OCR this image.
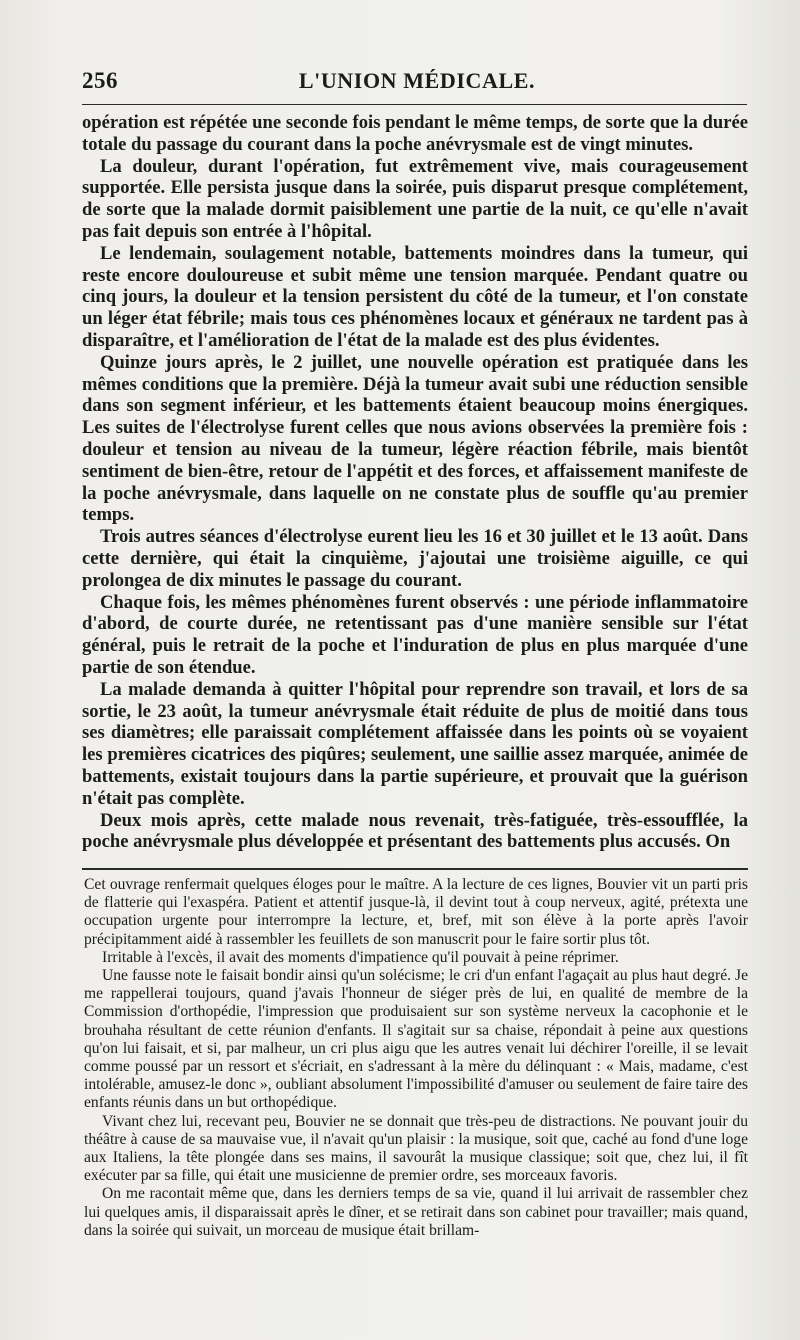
256	L'UNION MÉDICALE.

opération est répétée une seconde fois pendant le même temps, de sorte que la durée totale du passage du courant dans la poche anévrysmale est de vingt minutes.

La douleur, durant l'opération, fut extrêmement vive, mais courageusement supportée. Elle persista jusque dans la soirée, puis disparut presque complétement, de sorte que la malade dormit paisiblement une partie de la nuit, ce qu'elle n'avait pas fait depuis son entrée à l'hôpital.

Le lendemain, soulagement notable, battements moindres dans la tumeur, qui reste encore douloureuse et subit même une tension marquée. Pendant quatre ou cinq jours, la douleur et la tension persistent du côté de la tumeur, et l'on constate un léger état fébrile; mais tous ces phénomènes locaux et généraux ne tardent pas à disparaître, et l'amélioration de l'état de la malade est des plus évidentes.

Quinze jours après, le 2 juillet, une nouvelle opération est pratiquée dans les mêmes conditions que la première. Déjà la tumeur avait subi une réduction sensible dans son segment inférieur, et les battements étaient beaucoup moins énergiques. Les suites de l'électrolyse furent celles que nous avions observées la première fois : douleur et tension au niveau de la tumeur, légère réaction fébrile, mais bientôt sentiment de bien-être, retour de l'appétit et des forces, et affaissement manifeste de la poche anévrysmale, dans laquelle on ne constate plus de souffle qu'au premier temps.

Trois autres séances d'électrolyse eurent lieu les 16 et 30 juillet et le 13 août. Dans cette dernière, qui était la cinquième, j'ajoutai une troisième aiguille, ce qui prolongea de dix minutes le passage du courant.

Chaque fois, les mêmes phénomènes furent observés : une période inflammatoire d'abord, de courte durée, ne retentissant pas d'une manière sensible sur l'état général, puis le retrait de la poche et l'induration de plus en plus marquée d'une partie de son étendue.

La malade demanda à quitter l'hôpital pour reprendre son travail, et lors de sa sortie, le 23 août, la tumeur anévrysmale était réduite de plus de moitié dans tous ses diamètres; elle paraissait complétement affaissée dans les points où se voyaient les premières cicatrices des piqûres; seulement, une saillie assez marquée, animée de battements, existait toujours dans la partie supérieure, et prouvait que la guérison n'était pas complète.

Deux mois après, cette malade nous revenait, très-fatiguée, très-essoufflée, la poche anévrysmale plus développée et présentant des battements plus accusés. On

Cet ouvrage renfermait quelques éloges pour le maître. A la lecture de ces lignes, Bouvier vit un parti pris de flatterie qui l'exaspéra. Patient et attentif jusque-là, il devint tout à coup nerveux, agité, prétexta une occupation urgente pour interrompre la lecture, et, bref, mit son élève à la porte après l'avoir précipitamment aidé à rassembler les feuillets de son manuscrit pour le faire sortir plus tôt.

Irritable à l'excès, il avait des moments d'impatience qu'il pouvait à peine réprimer.

Une fausse note le faisait bondir ainsi qu'un solécisme; le cri d'un enfant l'agaçait au plus haut degré. Je me rappellerai toujours, quand j'avais l'honneur de siéger près de lui, en qualité de membre de la Commission d'orthopédie, l'impression que produisaient sur son système nerveux la cacophonie et le brouhaha résultant de cette réunion d'enfants. Il s'agitait sur sa chaise, répondait à peine aux questions qu'on lui faisait, et si, par malheur, un cri plus aigu que les autres venait lui déchirer l'oreille, il se levait comme poussé par un ressort et s'écriait, en s'adressant à la mère du délinquant : « Mais, madame, c'est intolérable, amusez-le donc », oubliant absolument l'impossibilité d'amuser ou seulement de faire taire des enfants réunis dans un but orthopédique.

Vivant chez lui, recevant peu, Bouvier ne se donnait que très-peu de distractions. Ne pouvant jouir du théâtre à cause de sa mauvaise vue, il n'avait qu'un plaisir : la musique, soit que, caché au fond d'une loge aux Italiens, la tête plongée dans ses mains, il savourât la musique classique; soit que, chez lui, il fît exécuter par sa fille, qui était une musicienne de premier ordre, ses morceaux favoris.

On me racontait même que, dans les derniers temps de sa vie, quand il lui arrivait de rassembler chez lui quelques amis, il disparaissait après le dîner, et se retirait dans son cabinet pour travailler; mais quand, dans la soirée qui suivait, un morceau de musique était brillam-
